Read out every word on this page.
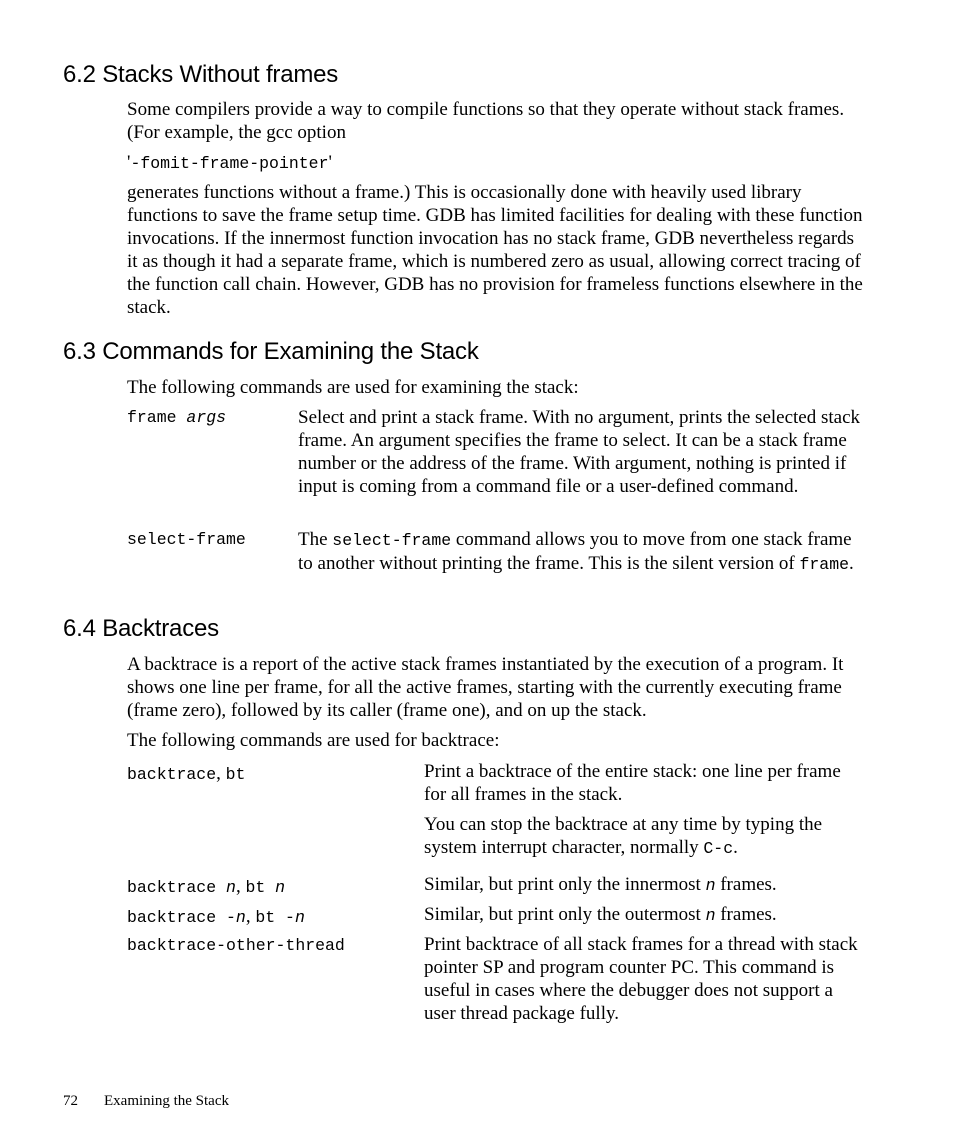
6.2 Stacks Without frames

Some compilers provide a way to compile functions so that they operate without stack frames. (For example, the gcc option

'-fomit-frame-pointer'

generates functions without a frame.) This is occasionally done with heavily used library functions to save the frame setup time. GDB has limited facilities for dealing with these function invocations. If the innermost function invocation has no stack frame, GDB nevertheless regards it as though it had a separate frame, which is numbered zero as usual, allowing correct tracing of the function call chain. However, GDB has no provision for frameless functions elsewhere in the stack.

6.3 Commands for Examining the Stack

The following commands are used for examining the stack:

frame args	Select and print a stack frame. With no argument, prints the selected stack frame. An argument specifies the frame to select. It can be a stack frame number or the address of the frame. With argument, nothing is printed if input is coming from a command file or a user-defined command.

select-frame	The select-frame command allows you to move from one stack frame to another without printing the frame. This is the silent version of frame.

6.4 Backtraces

A backtrace is a report of the active stack frames instantiated by the execution of a program. It shows one line per frame, for all the active frames, starting with the currently executing frame (frame zero), followed by its caller (frame one), and on up the stack.

The following commands are used for backtrace:

backtrace, bt	Print a backtrace of the entire stack: one line per frame for all frames in the stack.

You can stop the backtrace at any time by typing the system interrupt character, normally C-c.

backtrace n, bt n	Similar, but print only the innermost n frames.

backtrace -n, bt -n	Similar, but print only the outermost n frames.

backtrace-other-thread	Print backtrace of all stack frames for a thread with stack pointer SP and program counter PC. This command is useful in cases where the debugger does not support a user thread package fully.

72 Examining the Stack
